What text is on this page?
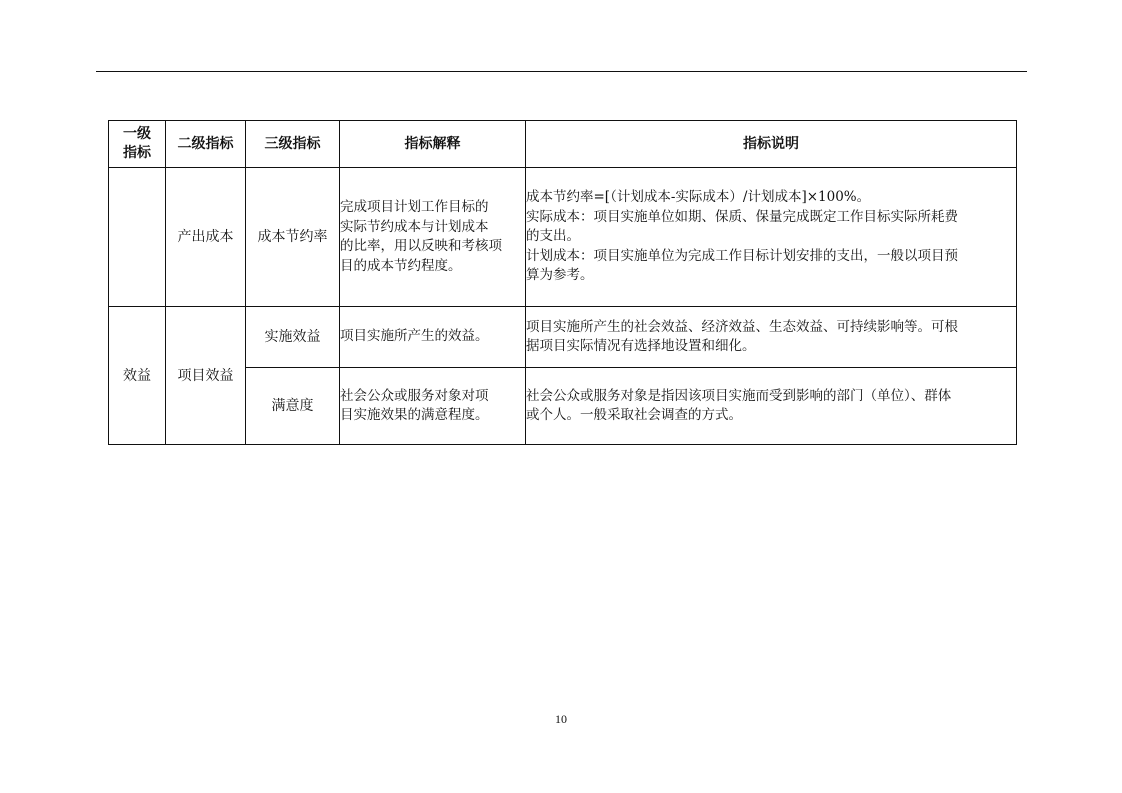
一级
指标	二级指标	三级指标	指标解释	指标说明
	产出成本	成本节约率	完成项目计划工作目标的
实际节约成本与计划成本
的比率，用以反映和考核项
目的成本节约程度。	成本节约率=[（计划成本-实际成本）/计划成本]×100%。
实际成本：项目实施单位如期、保质、保量完成既定工作目标实际所耗费
的支出。
计划成本：项目实施单位为完成工作目标计划安排的支出，一般以项目预
算为参考。

效益	项目效益	实施效益	项目实施所产生的效益。	项目实施所产生的社会效益、经济效益、生态效益、可持续影响等。可根
据项目实际情况有选择地设置和细化。

		满意度	社会公众或服务对象对项
目实施效果的满意程度。	社会公众或服务对象是指因该项目实施而受到影响的部门（单位）、群体
或个人。一般采取社会调查的方式。
10
